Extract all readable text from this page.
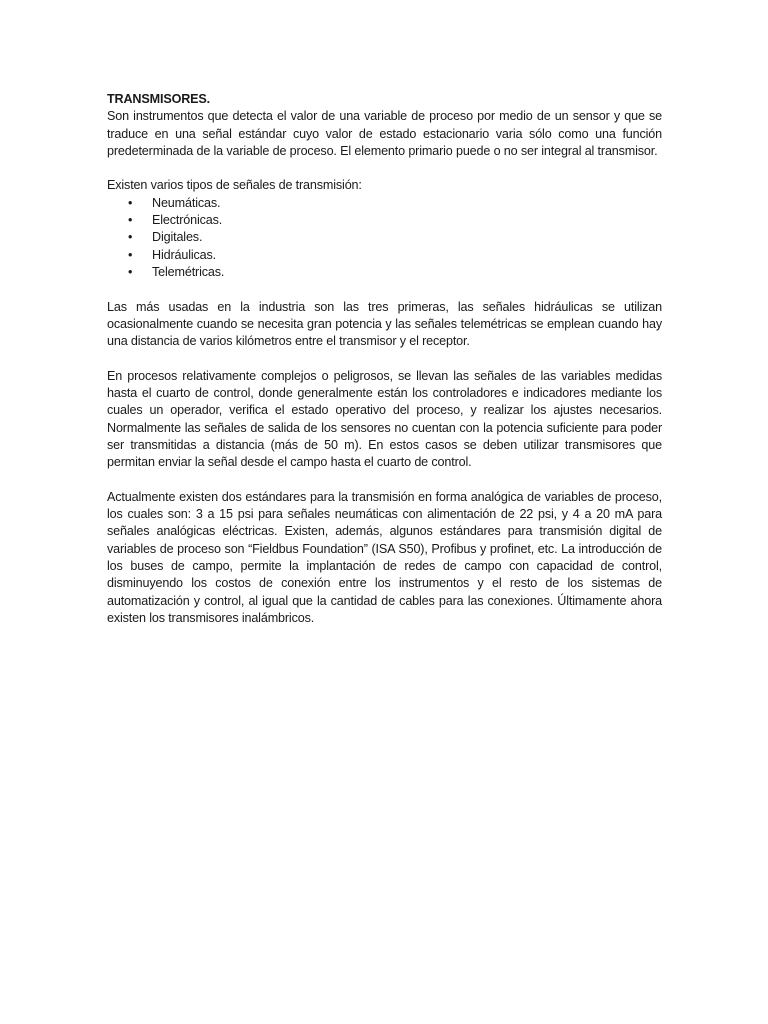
TRANSMISORES.

Son instrumentos que detecta el valor de una variable de proceso por medio de un sensor y que se traduce en una señal estándar cuyo valor de estado estacionario varia sólo como una función predeterminada de la variable de proceso. El elemento primario puede o no ser integral al transmisor.

Existen varios tipos de señales de transmisión:

• Neumáticas.
• Electrónicas.
• Digitales.
• Hidráulicas.
• Telemétricas.

Las más usadas en la industria son las tres primeras, las señales hidráulicas se utilizan ocasionalmente cuando se necesita gran potencia y las señales telemétricas se emplean cuando hay una distancia de varios kilómetros entre el transmisor y el receptor.

En procesos relativamente complejos o peligrosos, se llevan las señales de las variables medidas hasta el cuarto de control, donde generalmente están los controladores e indicadores mediante los cuales un operador, verifica el estado operativo del proceso, y realizar los ajustes necesarios. Normalmente las señales de salida de los sensores no cuentan con la potencia suficiente para poder ser transmitidas a distancia (más de 50 m). En estos casos se deben utilizar transmisores que permitan enviar la señal desde el campo hasta el cuarto de control.

Actualmente existen dos estándares para la transmisión en forma analógica de variables de proceso, los cuales son: 3 a 15 psi para señales neumáticas con alimentación de 22 psi, y 4 a 20 mA para señales analógicas eléctricas. Existen, además, algunos estándares para transmisión digital de variables de proceso son “Fieldbus Foundation” (ISA S50), Profibus y profinet, etc. La introducción de los buses de campo, permite la implantación de redes de campo con capacidad de control, disminuyendo los costos de conexión entre los instrumentos y el resto de los sistemas de automatización y control, al igual que la cantidad de cables para las conexiones. Últimamente ahora existen los transmisores inalámbricos.
